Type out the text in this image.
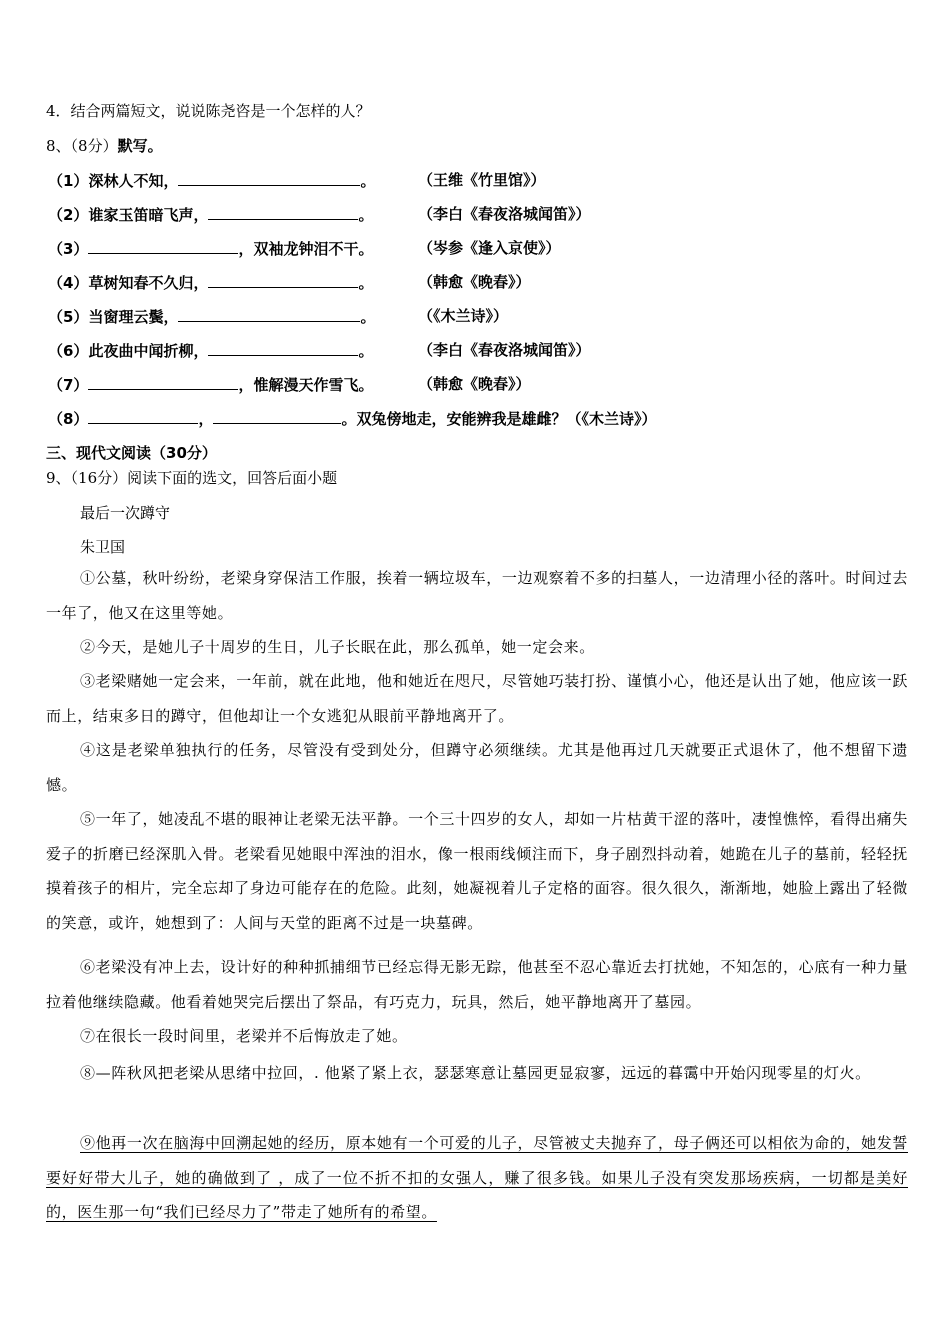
4．结合两篇短文，说说陈尧咨是一个怎样的人？
8、（8分）默写。
（1）深林人不知，	。	（王维《竹里馆》）
（2）谁家玉笛暗飞声，	。	（李白《春夜洛城闻笛》）
（3）	，双袖龙钟泪不干。	（岑参《逢入京使》）
（4）草树知春不久归，	。	（韩愈《晚春》）
（5）当窗理云鬓，	。	（《木兰诗》）
（6）此夜曲中闻折柳，	。	（李白《春夜洛城闻笛》）
（7）	，惟解漫天作雪飞。	（韩愈《晚春》）
（8）	，	。双兔傍地走，安能辨我是雄雌？（《木兰诗》）
三、现代文阅读（30分）
9、（16分）阅读下面的选文，回答后面小题
最后一次蹲守
朱卫国
①公墓，秋叶纷纷，老梁身穿保洁工作服，挨着一辆垃圾车，一边观察着不多的扫墓人，一边清理小径的落叶。时间过去一年了，他又在这里等她。
②今天，是她儿子十周岁的生日，儿子长眠在此，那么孤单，她一定会来。
③老梁赌她一定会来，一年前，就在此地，他和她近在咫尺，尽管她巧装打扮、谨慎小心，他还是认出了她，他应该一跃而上，结束多日的蹲守，但他却让一个女逃犯从眼前平静地离开了。
④这是老梁单独执行的任务，尽管没有受到处分，但蹲守必须继续。尤其是他再过几天就要正式退休了，他不想留下遗憾。
⑤一年了，她凌乱不堪的眼神让老梁无法平静。一个三十四岁的女人，却如一片枯黄干涩的落叶，凄惶憔悴，看得出痛失爱子的折磨已经深肌入骨。老梁看见她眼中浑浊的泪水，像一根雨线倾注而下，身子剧烈抖动着，她跪在儿子的墓前，轻轻抚摸着孩子的相片，完全忘却了身边可能存在的危险。此刻，她凝视着儿子定格的面容。很久很久，渐渐地，她脸上露出了轻微的笑意，或许，她想到了：人间与天堂的距离不过是一块墓碑。
⑥老梁没有冲上去，设计好的种种抓捕细节已经忘得无影无踪，他甚至不忍心靠近去打扰她，不知怎的，心底有一种力量拉着他继续隐藏。他看着她哭完后摆出了祭品，有巧克力，玩具，然后，她平静地离开了墓园。
⑦在很长一段时间里，老梁并不后悔放走了她。
⑧—阵秋风把老梁从思绪中拉回，. 他紧了紧上衣，瑟瑟寒意让墓园更显寂寥，远远的暮霭中开始闪现零星的灯火。
⑨他再一次在脑海中回溯起她的经历，原本她有一个可爱的儿子，尽管被丈夫抛弃了，母子俩还可以相依为命的，她发誓要好好带大儿子，她的确做到了 ，成了一位不折不扣的女强人，赚了很多钱。如果儿子没有突发那场疾病，一切都是美好的，医生那一句“我们已经尽力了”带走了她所有的希望。
